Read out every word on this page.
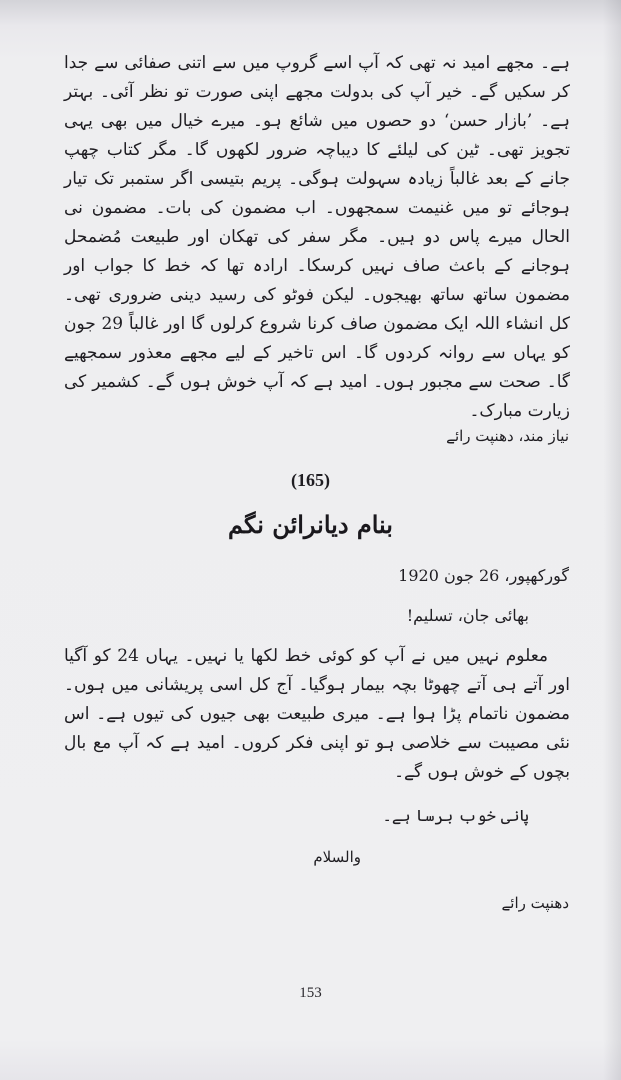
ہے۔ مجھے امید نہ تھی کہ آپ اسے گروپ میں سے اتنی صفائی سے جدا کر سکیں گے۔ خیر آپ کی بدولت مجھے اپنی صورت تو نظر آئی۔ بہتر ہے۔ ’بازار حسن‘ دو حصوں میں شائع ہو۔ میرے خیال میں بھی یہی تجویز تھی۔ ٹین کی لیلئے کا دیباچہ ضرور لکھوں گا۔ مگر کتاب چھپ جانے کے بعد غالباً زیادہ سہولت ہوگی۔ پریم بتیسی اگر ستمبر تک تیار ہوجائے تو میں غنیمت سمجھوں۔ اب مضمون کی بات۔ مضمون نی الحال میرے پاس دو ہیں۔ مگر سفر کی تھکان اور طبیعت مُضمحل ہوجانے کے باعث صاف نہیں کرسکا۔ ارادہ تھا کہ خط کا جواب اور مضمون ساتھ ساتھ بھیجوں۔ لیکن فوٹو کی رسید دینی ضروری تھی۔ کل انشاء اللہ ایک مضمون صاف کرنا شروع کرلوں گا اور غالباً 29 جون کو یہاں سے روانہ کردوں گا۔ اس تاخیر کے لیے مجھے معذور سمجھیے گا۔ صحت سے مجبور ہوں۔ امید ہے کہ آپ خوش ہوں گے۔ کشمیر کی زیارت مبارک۔

نیاز مند، دھنپت رائے
(165)
بنام دیانرائن نگم
گورکھپور، 26 جون 1920
بھائی جان، تسلیم!

معلوم نہیں میں نے آپ کو کوئی خط لکھا یا نہیں۔ یہاں 24 کو آگیا اور آتے ہی آتے چھوٹا بچہ بیمار ہوگیا۔ آج کل اسی پریشانی میں ہوں۔ مضمون ناتمام پڑا ہوا ہے۔ میری طبیعت بھی جیوں کی تیوں ہے۔ اس نئی مصیبت سے خلاصی ہو تو اپنی فکر کروں۔ امید ہے کہ آپ مع بال بچوں کے خوش ہوں گے۔

پانی خوب برسا ہے۔
والسلام
دھنپت رائے
153
